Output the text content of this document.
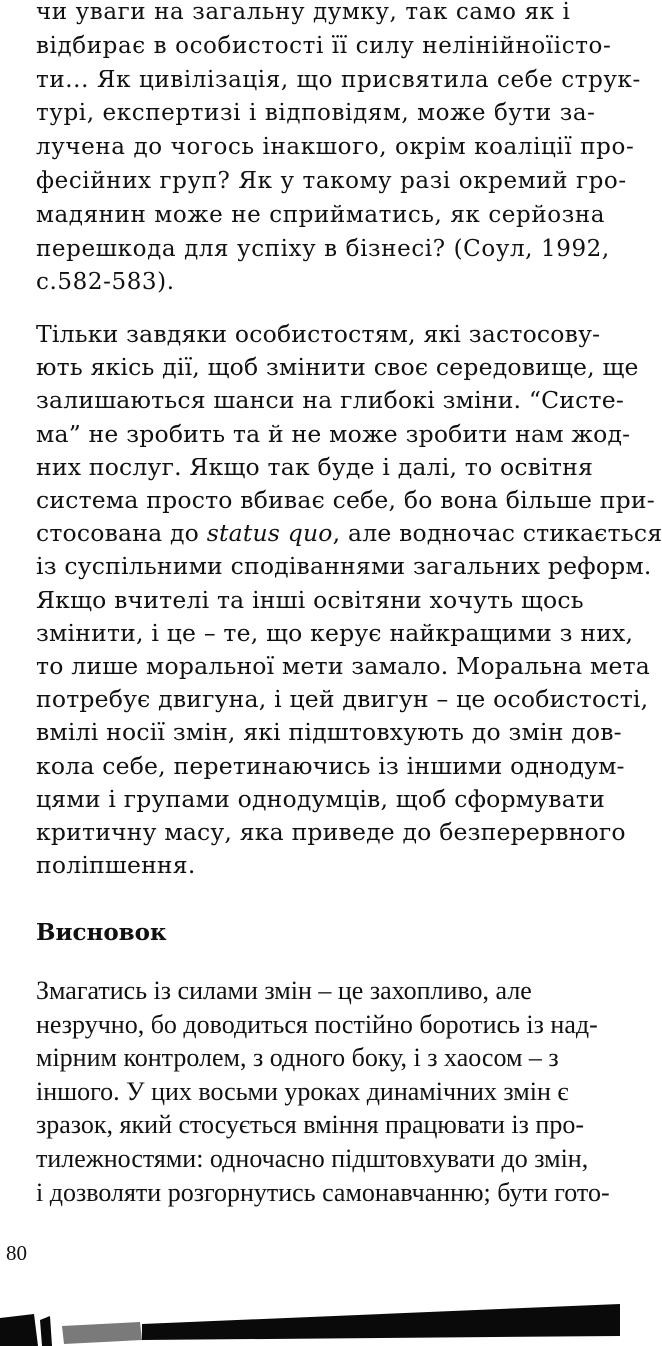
чи уваги на загальну думку, так само як і
відбирає в особистості її силу нелінійноїісто-
ти... Як цивілізація, що присвятила себе струк-
турі, експертизі і відповідям, може бути за-
лучена до чогось інакшого, окрім коаліції про-
фесійних груп? Як у такому разі окремий гро-
мадянин може не сприйматись, як серйозна
перешкода для успіху в бізнесі? (Соул, 1992,
с.582-583).
Тільки завдяки особистостям, які застосову-
ють якісь дії, щоб змінити своє середовище, ще
залишаються шанси на глибокі зміни. “Систе-
ма” не зробить та й не може зробити нам жод-
них послуг. Якщо так буде і далі, то освітня
система просто вбиває себе, бо вона більше при-
стосована до status quo, але водночас стикається
із суспільними сподіваннями загальних реформ.
Якщо вчителі та інші освітяни хочуть щось
змінити, і це – те, що керує найкращими з них,
то лише моральної мети замало. Моральна мета
потребує двигуна, і цей двигун – це особистості,
вмілі носії змін, які підштовхують до змін дов-
кола себе, перетинаючись із іншими однодум-
цями і групами однодумців, щоб сформувати
критичну масу, яка приведе до безперервного
поліпшення.
Висновок
Змагатись із силами змін – це захопливо, але
незручно, бо доводиться постійно боротись із над-
мірним контролем, з одного боку, і з хаосом – з
іншого. У цих восьми уроках динамічних змін є
зразок, який стосується вміння працювати із про-
тилежностями: одночасно підштовхувати до змін,
і дозволяти розгорнутись самонавчанню; бути гото-
80
